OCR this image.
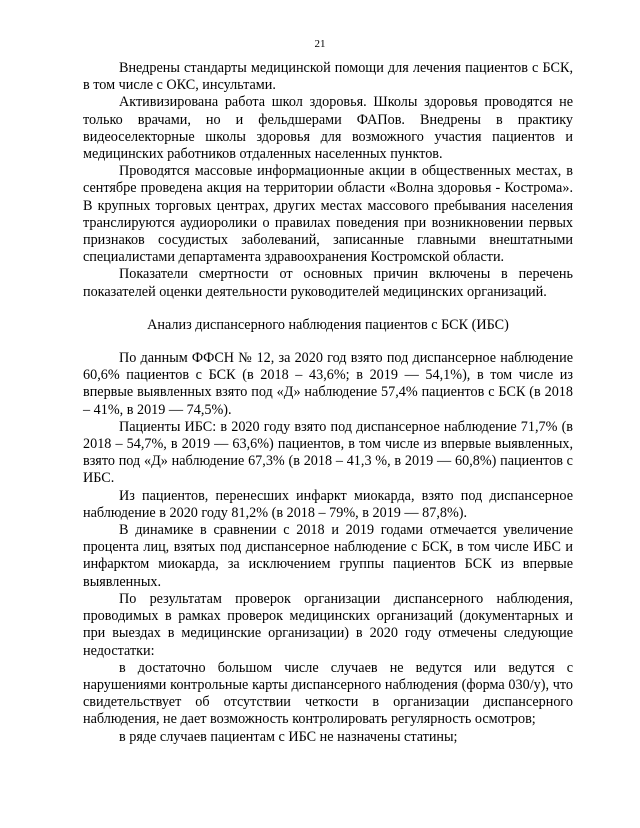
21

Внедрены стандарты медицинской помощи для лечения пациентов с БСК, в том числе с ОКС, инсультами.

Активизирована работа школ здоровья. Школы здоровья проводятся не только врачами, но и фельдшерами ФАПов. Внедрены в практику видеоселекторные школы здоровья для возможного участия пациентов и медицинских работников отдаленных населенных пунктов.

Проводятся массовые информационные акции в общественных местах, в сентябре проведена акция на территории области «Волна здоровья - Кострома». В крупных торговых центрах, других местах массового пребывания населения транслируются аудиоролики о правилах поведения при возникновении первых признаков сосудистых заболеваний, записанные главными внештатными специалистами департамента здравоохранения Костромской области.

Показатели смертности от основных причин включены в перечень показателей оценки деятельности руководителей медицинских организаций.

Анализ диспансерного наблюдения пациентов с БСК (ИБС)

По данным ФФСН № 12, за 2020 год взято под диспансерное наблюдение 60,6% пациентов с БСК (в 2018 – 43,6%; в 2019 — 54,1%), в том числе из впервые выявленных взято под «Д» наблюдение 57,4% пациентов с БСК (в 2018 – 41%, в 2019 — 74,5%).

Пациенты ИБС: в 2020 году взято под диспансерное наблюдение 71,7% (в 2018 – 54,7%, в 2019 — 63,6%) пациентов, в том числе из впервые выявленных, взято под «Д» наблюдение 67,3% (в 2018 – 41,3 %, в 2019 — 60,8%) пациентов с ИБС.

Из пациентов, перенесших инфаркт миокарда, взято под диспансерное наблюдение в 2020 году 81,2% (в 2018 – 79%, в 2019 — 87,8%).

В динамике в сравнении с 2018 и 2019 годами отмечается увеличение процента лиц, взятых под диспансерное наблюдение с БСК, в том числе ИБС и инфарктом миокарда, за исключением группы пациентов БСК из впервые выявленных.

По результатам проверок организации диспансерного наблюдения, проводимых в рамках проверок медицинских организаций (документарных и при выездах в медицинские организации) в 2020 году отмечены следующие недостатки:

в достаточно большом числе случаев не ведутся или ведутся с нарушениями контрольные карты диспансерного наблюдения (форма 030/у), что свидетельствует об отсутствии четкости в организации диспансерного наблюдения, не дает возможность контролировать регулярность осмотров;

в ряде случаев пациентам с ИБС не назначены статины;
